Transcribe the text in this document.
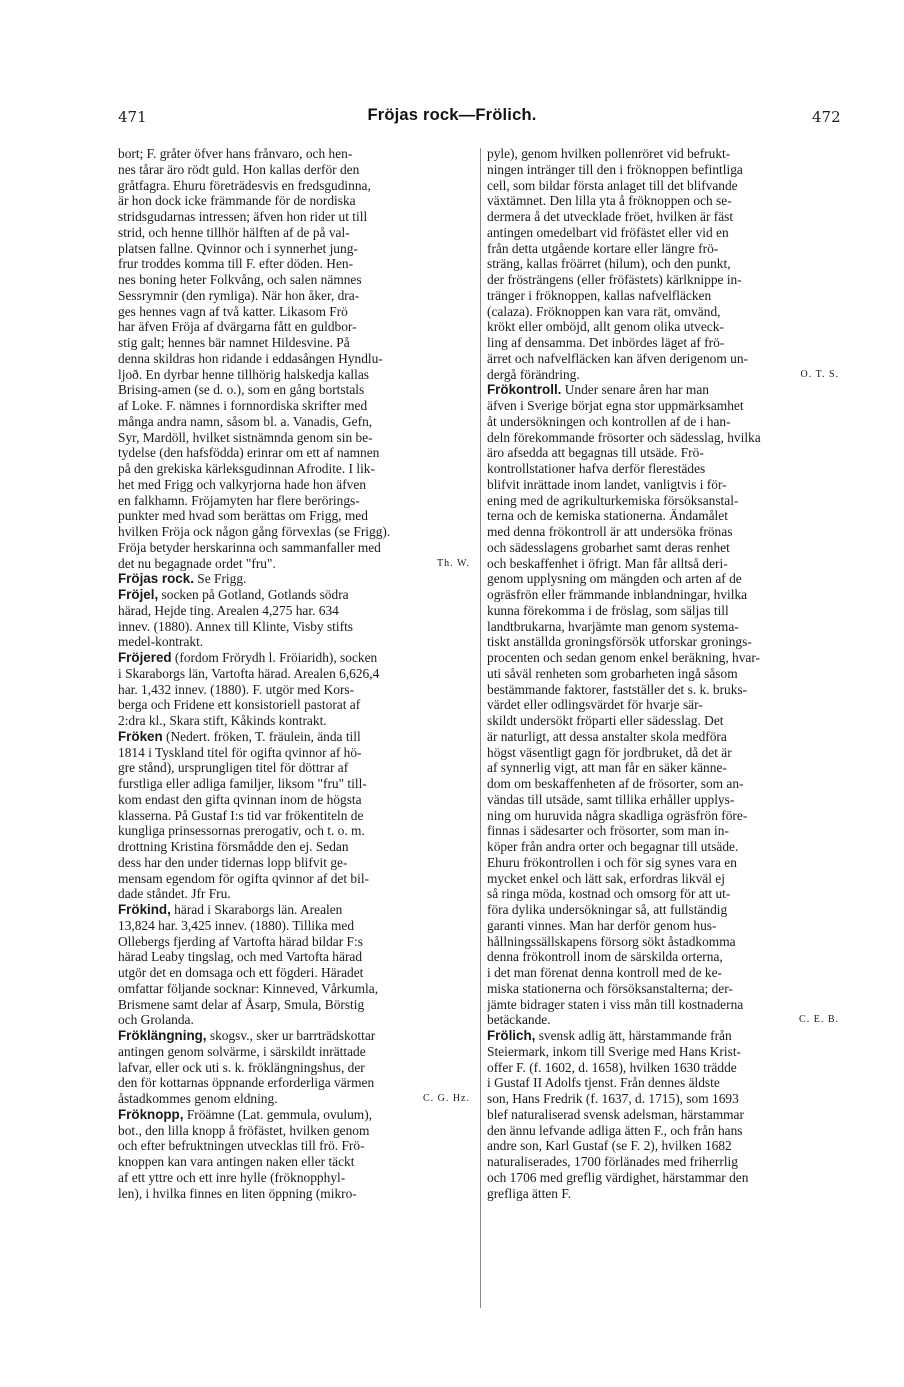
471	Fröjas rock—Frölich.	472
bort; F. gråter öfver hans frånvaro, och hen-
nes tårar äro rödt guld. Hon kallas derför den
gråtfagra. Ehuru företrädesvis en fredsgudinna,
är hon dock icke främmande för de nordiska
stridsgudarnas intressen; äfven hon rider ut till
strid, och henne tillhör hälften af de på val-
platsen fallne. Qvinnor och i synnerhet jung-
frur troddes komma till F. efter döden. Hen-
nes boning heter Folkvång, och salen nämnes
Sessrymnir (den rymliga). När hon åker, dra-
ges hennes vagn af två katter. Likasom Frö
har äfven Fröja af dvärgarna fått en guldbor-
stig galt; hennes bär namnet Hildesvine. På
denna skildras hon ridande i eddasången Hyndlu-
ljoð. En dyrbar henne tillhörig halskedja kallas
Brising-amen (se d. o.), som en gång bortstals
af Loke. F. nämnes i fornnordiska skrifter med
många andra namn, såsom bl. a. Vanadis, Gefn,
Syr, Mardöll, hvilket sistnämnda genom sin be-
tydelse (den hafsfödda) erinrar om ett af namnen
på den grekiska kärleksgudinnan Afrodite. I lik-
het med Frigg och valkyrjorna hade hon äfven
en falkhamn. Fröjamyten har flere berörings-
punkter med hvad som berättas om Frigg, med
hvilken Fröja ock någon gång förvexlas (se Frigg).
Fröja betyder herskarinna och sammanfaller med
det nu begagnade ordet "fru".	Th. W.
Fröjas rock. Se Frigg.
Fröjel, socken på Gotland, Gotlands södra
härad, Hejde ting. Arealen 4,275 har. 634
innev. (1880). Annex till Klinte, Visby stifts
medel-kontrakt.
Fröjered (fordom Frörydh l. Fröiaridh), socken
i Skaraborgs län, Vartofta härad. Arealen 6,626,4
har. 1,432 innev. (1880). F. utgör med Kors-
berga och Fridene ett konsistoriell pastorat af
2:dra kl., Skara stift, Kåkinds kontrakt.
Fröken (Nedert. fröken, T. fräulein, ända till
1814 i Tyskland titel för ogifta qvinnor af hö-
gre stånd), ursprungligen titel för döttrar af
furstliga eller adliga familjer, liksom "fru" till-
kom endast den gifta qvinnan inom de högsta
klasserna. På Gustaf I:s tid var frökentiteln de
kungliga prinsessornas prerogativ, och t. o. m.
drottning Kristina försmådde den ej. Sedan
dess har den under tidernas lopp blifvit ge-
mensam egendom för ogifta qvinnor af det bil-
dade ståndet. Jfr Fru.
Frökind, härad i Skaraborgs län. Arealen
13,824 har. 3,425 innev. (1880). Tillika med
Ollebergs fjerding af Vartofta härad bildar F:s
härad Leaby tingslag, och med Vartofta härad
utgör det en domsaga och ett fögderi. Häradet
omfattar följande socknar: Kinneved, Vårkumla,
Brismene samt delar af Åsarp, Smula, Börstig
och Grolanda.
Fröklängning, skogsv., sker ur barrträdskottar
antingen genom solvärme, i särskildt inrättade
lafvar, eller ock uti s. k. fröklängningshus, der
den för kottarnas öppnande erforderliga värmen
åstadkommes genom eldning.	C. G. Hz.
Fröknopp, Fröämne (Lat. gemmula, ovulum),
bot., den lilla knopp å fröfästet, hvilken genom
och efter befruktningen utvecklas till frö. Frö-
knoppen kan vara antingen naken eller täckt
af ett yttre och ett inre hylle (fröknopphyl-
len), i hvilka finnes en liten öppning (mikro-
pyle), genom hvilken pollenröret vid befrukt-
ningen intränger till den i fröknoppen befintliga
cell, som bildar första anlaget till det blifvande
växtämnet. Den lilla yta å fröknoppen och se-
dermera å det utvecklade fröet, hvilken är fäst
antingen omedelbart vid fröfästet eller vid en
från detta utgående kortare eller längre frö-
sträng, kallas fröärret (hilum), och den punkt,
der frösträngens (eller fröfästets) kärlknippe in-
tränger i fröknoppen, kallas nafvelfläcken
(calaza). Fröknoppen kan vara rät, omvänd,
krökt eller omböjd, allt genom olika utveck-
ling af densamma. Det inbördes läget af frö-
ärret och nafvelfläcken kan äfven derigenom un-
dergå förändring.	O. T. S.
Frökontroll. Under senare åren har man
äfven i Sverige börjat egna stor uppmärksamhet
åt undersökningen och kontrollen af de i han-
deln förekommande frösorter och sädesslag, hvilka
äro afsedda att begagnas till utsäde. Frö-
kontrollstationer hafva derför flerestädes
blifvit inrättade inom landet, vanligtvis i för-
ening med de agrikulturkemiska försöksanstal-
terna och de kemiska stationerna. Ändamålet
med denna frökontroll är att undersöka frönas
och sädesslagens grobarhet samt deras renhet
och beskaffenhet i öfrigt. Man får alltså deri-
genom upplysning om mängden och arten af de
ogräsfrön eller främmande inblandningar, hvilka
kunna förekomma i de fröslag, som säljas till
landtbrukarna, hvarjämte man genom systema-
tiskt anställda groningsförsök utforskar gronings-
procenten och sedan genom enkel beräkning, hvar-
uti såväl renheten som grobarheten ingå såsom
bestämmande faktorer, fastställer det s. k. bruks-
värdet eller odlingsvärdet för hvarje sär-
skildt undersökt fröparti eller sädesslag. Det
är naturligt, att dessa anstalter skola medföra
högst väsentligt gagn för jordbruket, då det är
af synnerlig vigt, att man får en säker känne-
dom om beskaffenheten af de frösorter, som an-
vändas till utsäde, samt tillika erhåller upplys-
ning om huruvida några skadliga ogräsfrön före-
finnas i sädesarter och frösorter, som man in-
köper från andra orter och begagnar till utsäde.
Ehuru frökontrollen i och för sig synes vara en
mycket enkel och lätt sak, erfordras likväl ej
så ringa möda, kostnad och omsorg för att ut-
föra dylika undersökningar så, att fullständig
garanti vinnes. Man har derför genom hus-
hållningssällskapens försorg sökt åstadkomma
denna frökontroll inom de särskilda orterna,
i det man förenat denna kontroll med de ke-
miska stationerna och försöksanstalterna; der-
jämte bidrager staten i viss mån till kostnaderna
betäckande.	C. E. B.
Frölich, svensk adlig ätt, härstammande från
Steiermark, inkom till Sverige med Hans Krist-
offer F. (f. 1602, d. 1658), hvilken 1630 trädde
i Gustaf II Adolfs tjenst. Från dennes äldste
son, Hans Fredrik (f. 1637, d. 1715), som 1693
blef naturaliserad svensk adelsman, härstammar
den ännu lefvande adliga ätten F., och från hans
andre son, Karl Gustaf (se F. 2), hvilken 1682
naturaliserades, 1700 förlänades med friherrlig
och 1706 med greflig värdighet, härstammar den
grefliga ätten F.
